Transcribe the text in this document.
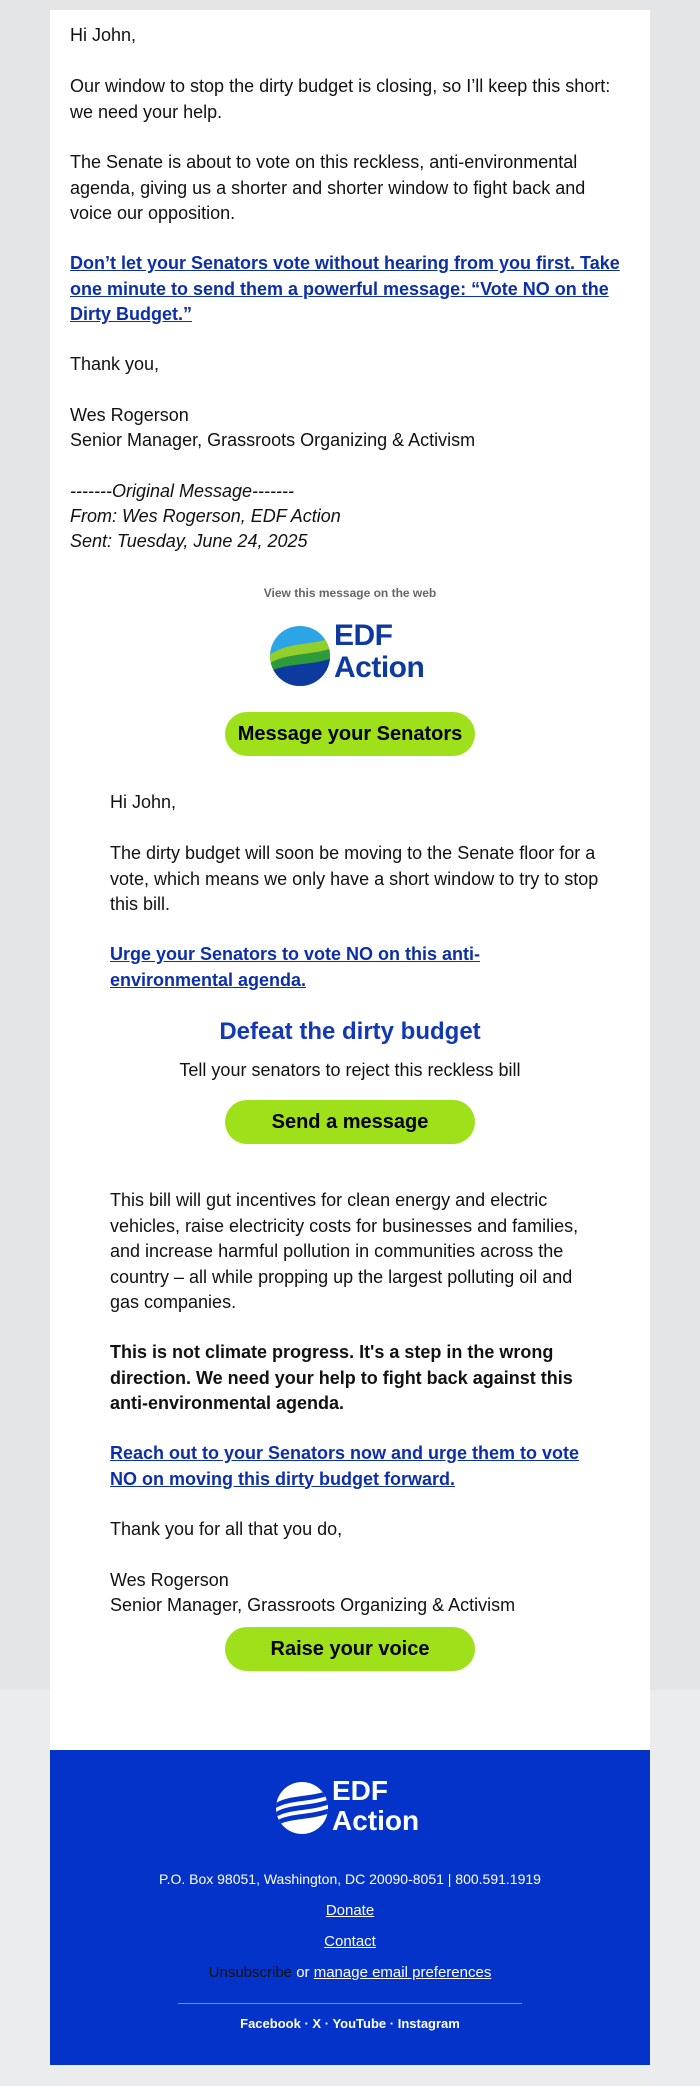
Hi John,

Our window to stop the dirty budget is closing, so I’ll keep this short: we need your help.

The Senate is about to vote on this reckless, anti-environmental agenda, giving us a shorter and shorter window to fight back and voice our opposition.

Don’t let your Senators vote without hearing from you first. Take one minute to send them a powerful message: “Vote NO on the Dirty Budget.”

Thank you,

Wes Rogerson

Senior Manager, Grassroots Organizing & Activism

-------Original Message-------

From: Wes Rogerson, EDF Action

Sent: Tuesday, June 24, 2025

View this message on the web
EDF
Action
Message your Senators

Hi John,

The dirty budget will soon be moving to the Senate floor for a vote, which means we only have a short window to try to stop this bill.

Urge your Senators to vote NO on this anti-environmental agenda.
Defeat the dirty budget
Tell your senators to reject this reckless bill
Send a message

This bill will gut incentives for clean energy and electric vehicles, raise electricity costs for businesses and families, and increase harmful pollution in communities across the country – all while propping up the largest polluting oil and gas companies.

This is not climate progress. It's a step in the wrong direction. We need your help to fight back against this anti-environmental agenda.

Reach out to your Senators now and urge them to vote NO on moving this dirty budget forward.

Thank you for all that you do,

Wes Rogerson

Senior Manager, Grassroots Organizing & Activism

Raise your voice
EDF
Action
P.O. Box 98051, Washington, DC 20090-8051 | 800.591.1919
Donate
Contact
Unsubscribe or manage email preferences
Facebook · X · YouTube · Instagram
